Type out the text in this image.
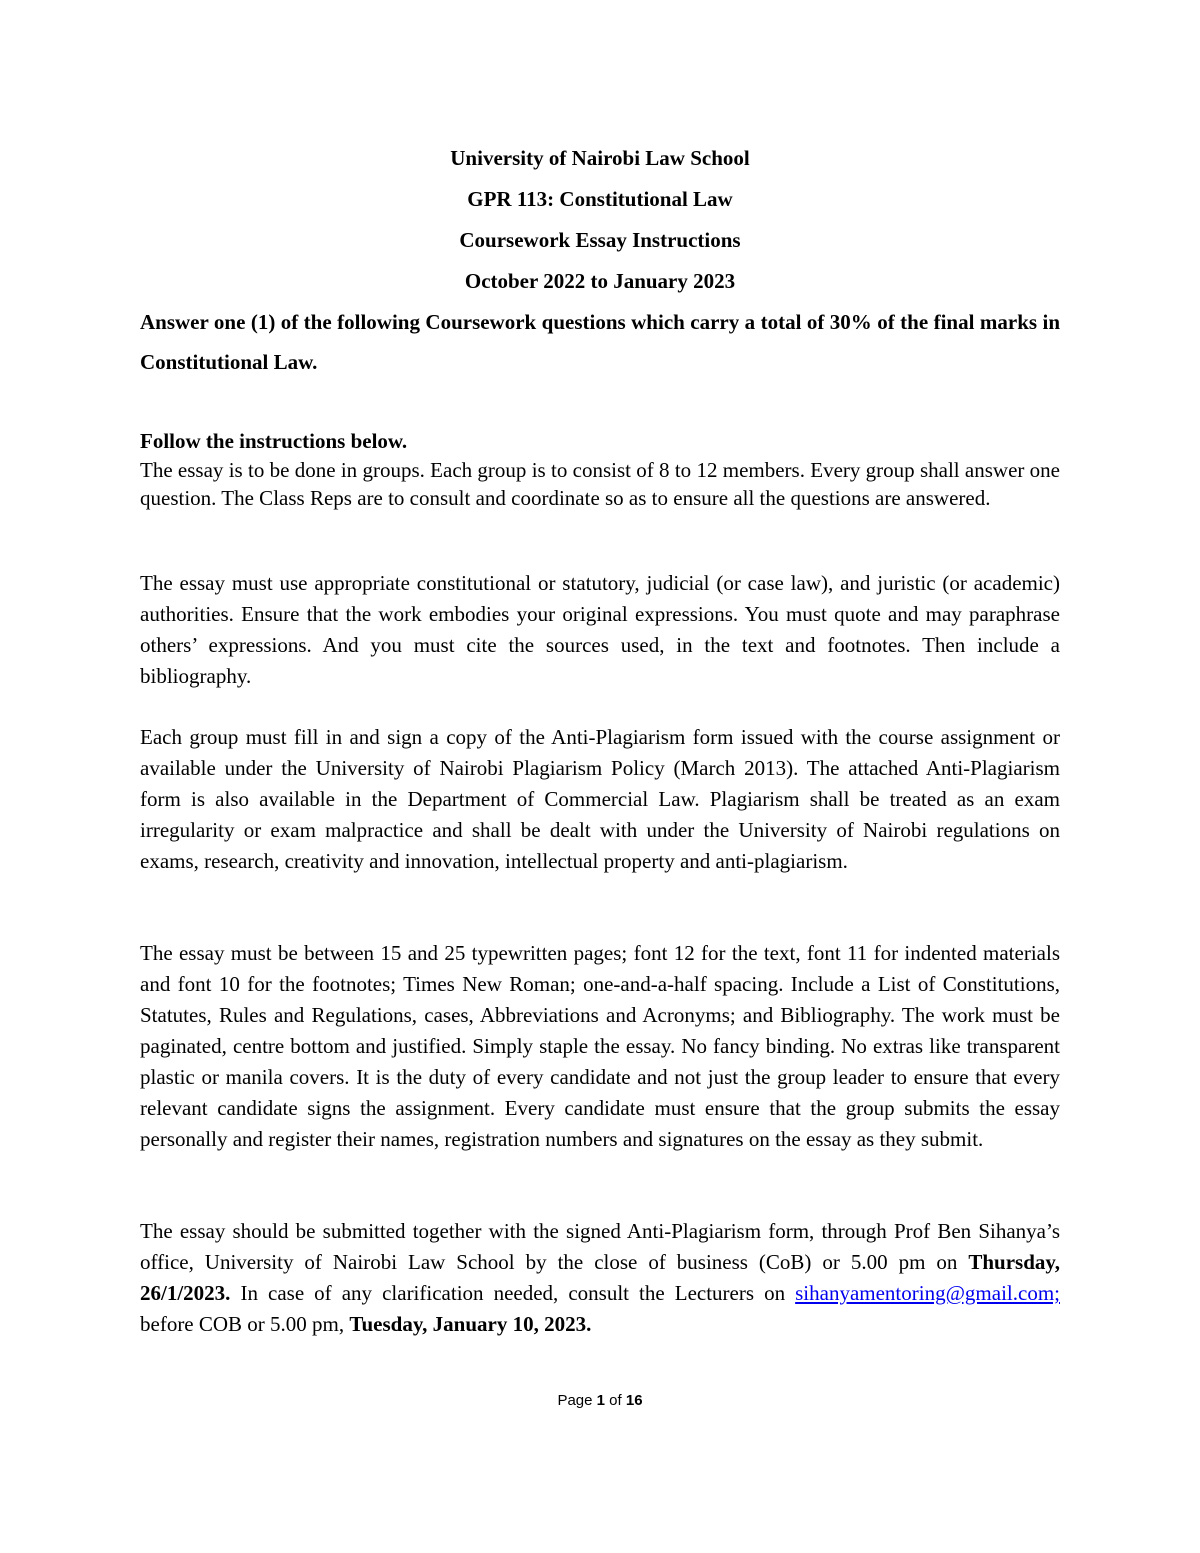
University of Nairobi Law School
GPR 113: Constitutional Law
Coursework Essay Instructions
October 2022 to January 2023
Answer one (1) of the following Coursework questions which carry a total of 30% of the final marks in Constitutional Law.
Follow the instructions below.

The essay is to be done in groups. Each group is to consist of 8 to 12 members. Every group shall answer one question. The Class Reps are to consult and coordinate so as to ensure all the questions are answered.

The essay must use appropriate constitutional or statutory, judicial (or case law), and juristic (or academic) authorities. Ensure that the work embodies your original expressions. You must quote and may paraphrase others’ expressions. And you must cite the sources used, in the text and footnotes. Then include a bibliography.

Each group must fill in and sign a copy of the Anti-Plagiarism form issued with the course assignment or available under the University of Nairobi Plagiarism Policy (March 2013). The attached Anti-Plagiarism form is also available in the Department of Commercial Law. Plagiarism shall be treated as an exam irregularity or exam malpractice and shall be dealt with under the University of Nairobi regulations on exams, research, creativity and innovation, intellectual property and anti-plagiarism.

The essay must be between 15 and 25 typewritten pages; font 12 for the text, font 11 for indented materials and font 10 for the footnotes; Times New Roman; one-and-a-half spacing. Include a List of Constitutions, Statutes, Rules and Regulations, cases, Abbreviations and Acronyms; and Bibliography. The work must be paginated, centre bottom and justified. Simply staple the essay. No fancy binding. No extras like transparent plastic or manila covers. It is the duty of every candidate and not just the group leader to ensure that every relevant candidate signs the assignment. Every candidate must ensure that the group submits the essay personally and register their names, registration numbers and signatures on the essay as they submit.

The essay should be submitted together with the signed Anti-Plagiarism form, through Prof Ben Sihanya’s office, University of Nairobi Law School by the close of business (CoB) or 5.00 pm on Thursday, 26/1/2023. In case of any clarification needed, consult the Lecturers on sihanyamentoring@gmail.com; before COB or 5.00 pm, Tuesday, January 10, 2023.

Page 1 of 16
